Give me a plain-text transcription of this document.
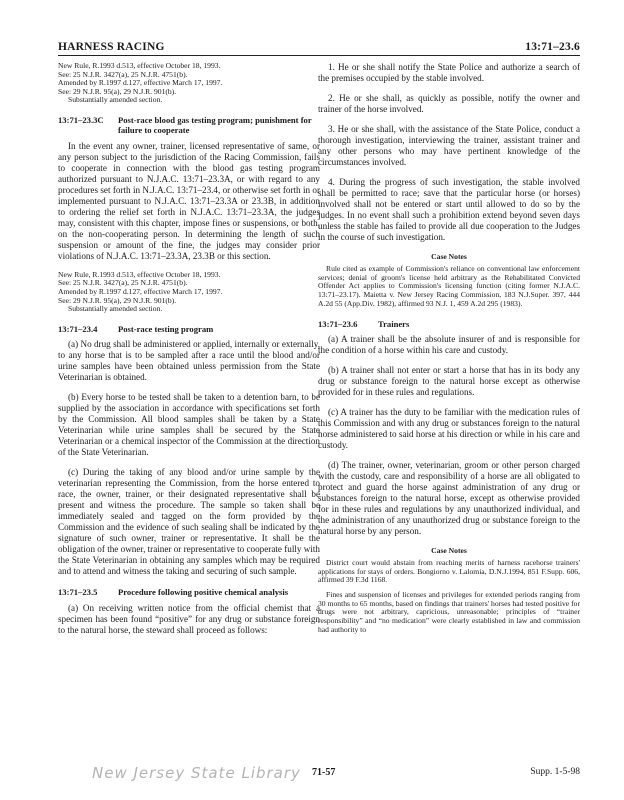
HARNESS RACING	13:71–23.6
New Rule, R.1993 d.513, effective October 18, 1993.
See: 25 N.J.R. 3427(a), 25 N.J.R. 4751(b).
Amended by R.1997 d.127, effective March 17, 1997.
See: 29 N.J.R. 95(a), 29 N.J.R. 901(b).
Substantially amended section.
13:71–23.3C Post-race blood gas testing program; punishment for failure to cooperate

In the event any owner, trainer, licensed representative of same, or any person subject to the jurisdiction of the Racing Commission, fails to cooperate in connection with the blood gas testing program authorized pursuant to N.J.A.C. 13:71–23.3A, or with regard to any procedures set forth in N.J.A.C. 13:71–23.4, or otherwise set forth in or implemented pursuant to N.J.A.C. 13:71–23.3A or 23.3B, in addition to ordering the relief set forth in N.J.A.C. 13:71–23.3A, the judges may, consistent with this chapter, impose fines or suspensions, or both, on the non-cooperating person. In determining the length of such suspension or amount of the fine, the judges may consider prior violations of N.J.A.C. 13:71–23.3A, 23.3B or this section.

New Rule, R.1993 d.513, effective October 18, 1993.
See: 25 N.J.R. 3427(a), 25 N.J.R. 4751(b).
Amended by R.1997 d.127, effective March 17, 1997.
See: 29 N.J.R. 95(a), 29 N.J.R. 901(b).
Substantially amended section.
13:71–23.4 Post-race testing program

(a) No drug shall be administered or applied, internally or externally, to any horse that is to be sampled after a race until the blood and/or urine samples have been obtained unless permission from the State Veterinarian is obtained.

(b) Every horse to be tested shall be taken to a detention barn, to be supplied by the association in accordance with specifications set forth by the Commission. All blood samples shall be taken by a State Veterinarian while urine samples shall be secured by the State Veterinarian or a chemical inspector of the Commission at the direction of the State Veterinarian.

(c) During the taking of any blood and/or urine sample by the veterinarian representing the Commission, from the horse entered to race, the owner, trainer, or their designated representative shall be present and witness the procedure. The sample so taken shall be immediately sealed and tagged on the form provided by the Commission and the evidence of such sealing shall be indicated by the signature of such owner, trainer or representative. It shall be the obligation of the owner, trainer or representative to cooperate fully with the State Veterinarian in obtaining any samples which may be required and to attend and witness the taking and securing of such sample.

13:71–23.5 Procedure following positive chemical analysis

(a) On receiving written notice from the official chemist that a specimen has been found “positive” for any drug or substance foreign to the natural horse, the steward shall proceed as follows:

1. He or she shall notify the State Police and authorize a search of the premises occupied by the stable involved.

2. He or she shall, as quickly as possible, notify the owner and trainer of the horse involved.

3. He or she shall, with the assistance of the State Police, conduct a thorough investigation, interviewing the trainer, assistant trainer and any other persons who may have pertinent knowledge of the circumstances involved.

4. During the progress of such investigation, the stable involved shall be permitted to race; save that the particular horse (or horses) involved shall not be entered or start until allowed to do so by the judges. In no event shall such a prohibition extend beyond seven days unless the stable has failed to provide all due cooperation to the Judges in the course of such investigation.

Case Notes

Rule cited as example of Commission's reliance on conventional law enforcement services; denial of groom's license held arbitrary as the Rehabilitated Convicted Offender Act applies to Commission's licensing function (citing former N.J.A.C. 13:71–23.17). Maietta v. New Jersey Racing Commission, 183 N.J.Super. 397, 444 A.2d 55 (App.Div. 1982), affirmed 93 N.J. 1, 459 A.2d 295 (1983).

13:71–23.6 Trainers

(a) A trainer shall be the absolute insurer of and is responsible for the condition of a horse within his care and custody.

(b) A trainer shall not enter or start a horse that has in its body any drug or substance foreign to the natural horse except as otherwise provided for in these rules and regulations.

(c) A trainer has the duty to be familiar with the medication rules of this Commission and with any drug or substances foreign to the natural horse administered to said horse at his direction or while in his care and custody.

(d) The trainer, owner, veterinarian, groom or other person charged with the custody, care and responsibility of a horse are all obligated to protect and guard the horse against administration of any drug or substances foreign to the natural horse, except as otherwise provided for in these rules and regulations by any unauthorized individual, and the administration of any unauthorized drug or substance foreign to the natural horse by any person.

Case Notes

District court would abstain from reaching merits of harness racehorse trainers' applications for stays of orders. Bongiorno v. Lalomia, D.N.J.1994, 851 F.Supp. 606, affirmed 39 F.3d 1168.

Fines and suspension of licenses and privileges for extended periods ranging from 30 months to 65 months, based on findings that trainers' horses had tested positive for drugs were not arbitrary, capricious, unreasonable; principles of “trainer responsibility” and “no medication” were clearly established in law and commission had authority to

New Jersey State Library 71-57	Supp. 1-5-98
